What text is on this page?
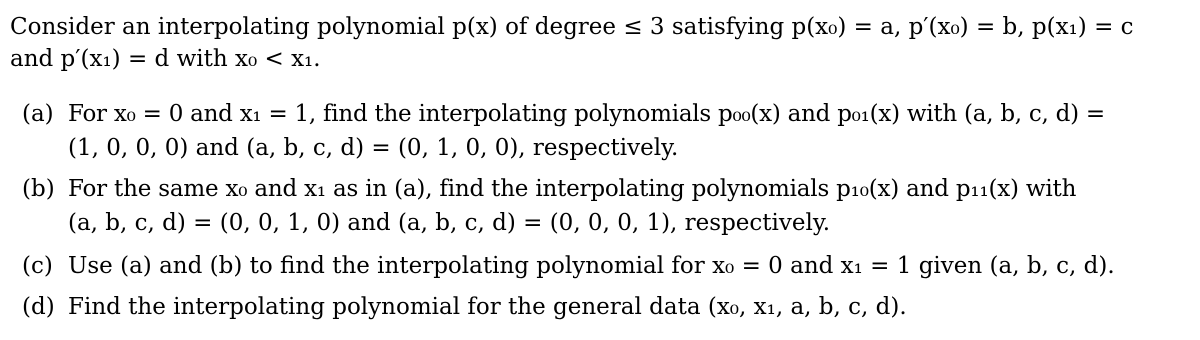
Consider an interpolating polynomial p(x) of degree ≤ 3 satisfying p(x₀) = a, p′(x₀) = b, p(x₁) = c
and p′(x₁) = d with x₀ < x₁.
(a) For x₀ = 0 and x₁ = 1, find the interpolating polynomials p₀₀(x) and p₀₁(x) with (a, b, c, d) =
(1, 0, 0, 0) and (a, b, c, d) = (0, 1, 0, 0), respectively.
(b) For the same x₀ and x₁ as in (a), find the interpolating polynomials p₁₀(x) and p₁₁(x) with
(a, b, c, d) = (0, 0, 1, 0) and (a, b, c, d) = (0, 0, 0, 1), respectively.
(c) Use (a) and (b) to find the interpolating polynomial for x₀ = 0 and x₁ = 1 given (a, b, c, d).
(d) Find the interpolating polynomial for the general data (x₀, x₁, a, b, c, d).
